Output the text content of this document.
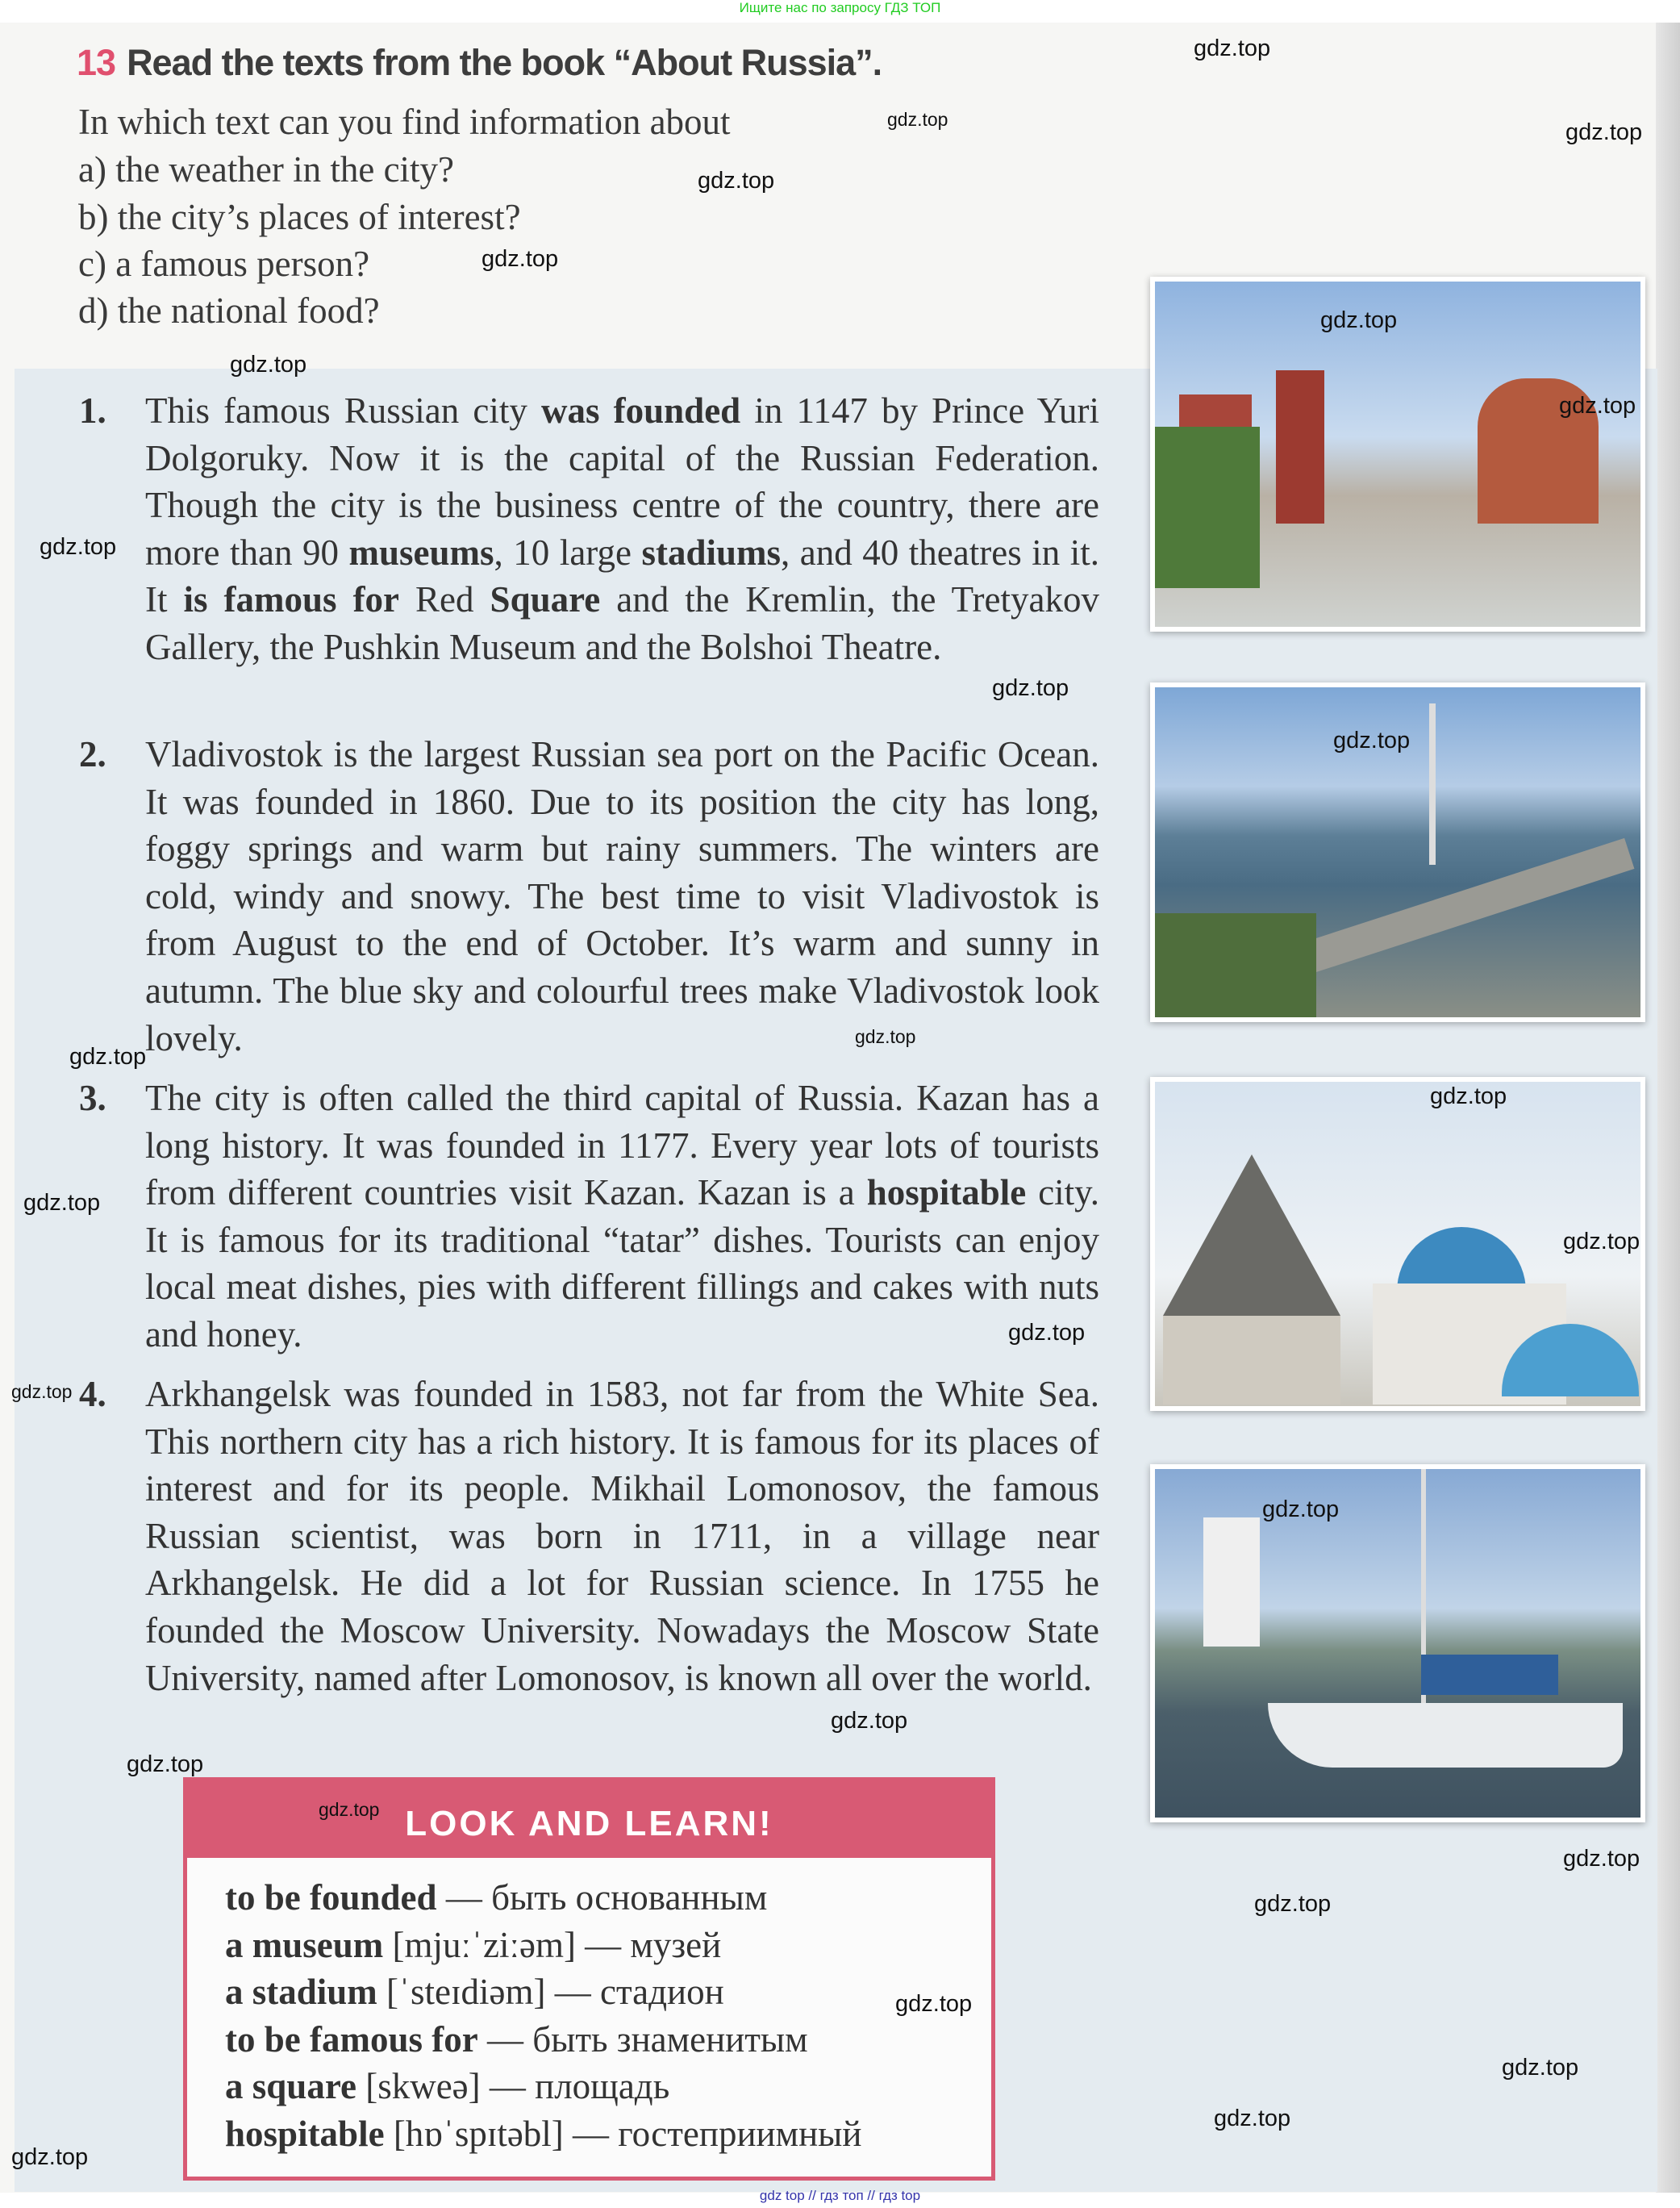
Ищите нас по запросу ГДЗ ТОП
13 Read the texts from the book “About Russia”.
In which text can you find information about
a) the weather in the city?
b) the city’s places of interest?
c) a famous person?
d) the national food?
1. This famous Russian city was founded in 1147 by Prince Yuri Dolgoruky. Now it is the capital of the Russian Federation. Though the city is the business centre of the country, there are more than 90 museums, 10 large stadiums, and 40 theatres in it. It is famous for Red Square and the Kremlin, the Tretyakov Gallery, the Pushkin Museum and the Bolshoi Theatre.
2. Vladivostok is the largest Russian sea port on the Pacific Ocean. It was founded in 1860. Due to its position the city has long, foggy springs and warm but rainy summers. The winters are cold, windy and snowy. The best time to visit Vladivostok is from August to the end of October. It’s warm and sunny in autumn. The blue sky and colourful trees make Vladivostok look lovely.
3. The city is often called the third capital of Russia. Kazan has a long history. It was founded in 1177. Every year lots of tourists from different countries visit Kazan. Kazan is a hospitable city. It is famous for its traditional “tatar” dishes. Tourists can enjoy local meat dishes, pies with different fillings and cakes with nuts and honey.
4. Arkhangelsk was founded in 1583, not far from the White Sea. This northern city has a rich history. It is famous for its places of interest and for its people. Mikhail Lomonosov, the famous Russian scientist, was born in 1711, in a village near Arkhangelsk. He did a lot for Russian science. In 1755 he founded the Moscow University. Nowadays the Moscow State University, named after Lomonosov, is known all over the world.
LOOK AND LEARN!
to be founded — быть основанным
a museum [mjuːˈziːəm] — музей
a stadium [ˈsteɪdiəm] — стадион
to be famous for — быть знаменитым
a square [skweə] — площадь
hospitable [hɒˈspɪtəbl] — гостеприимный
gdz.top
gdz.top	gdz.top
gdz.top
gdz.top
gdz.top
gdz.top
gdz.top
gdz.top
gdz.top
gdz.top
gdz.top
gdz.top
gdz.top
gdz.top
gdz.top
gdz.top
gdz.top
gdz.top
gdz.top
gdz.top
gdz.top
gdz.top
gdz.top
gdz.top
gdz.top
gdz.top
gdz.top
gdz top // гдз топ // гдз top
